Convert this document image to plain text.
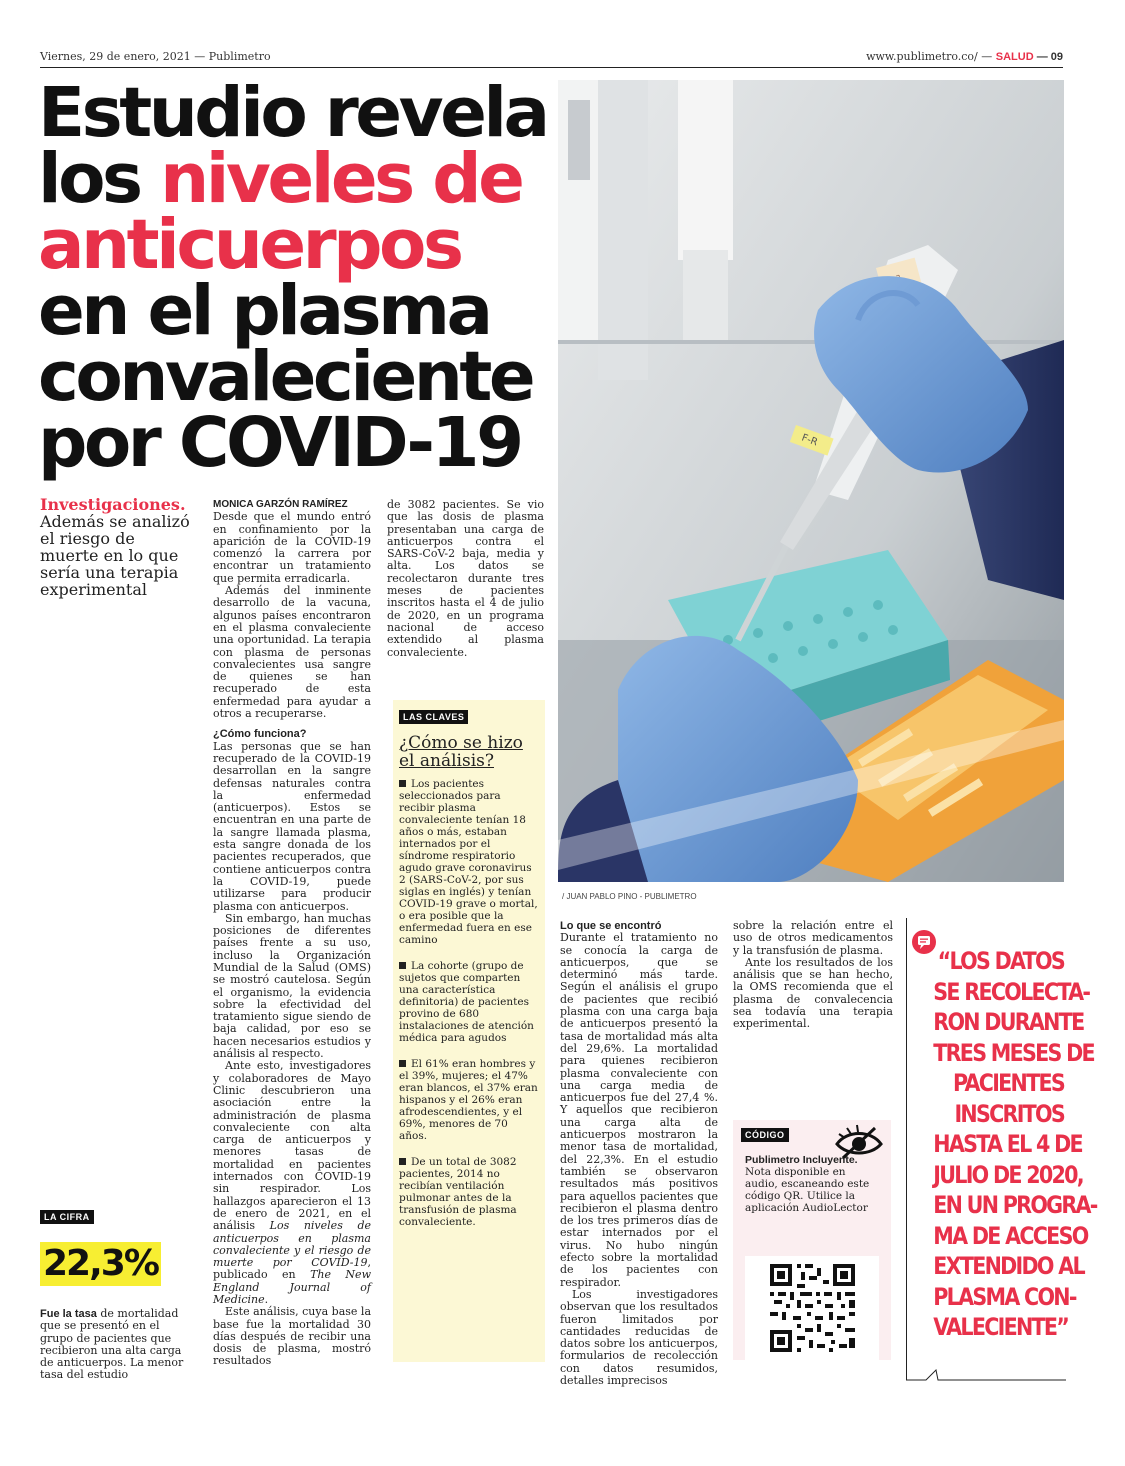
Viernes, 29 de enero, 2021 — Publimetro	www.publimetro.co/ — SALUD — 09
Estudio revela
los niveles de
anticuerpos
en el plasma
convaleciente
por COVID-19	F-R
/ JUAN PABLO PINO - PUBLIMETRO
Investigaciones.
Además se analizó el riesgo de muerte en lo que sería una terapia experimental

MONICA GARZÓN RAMÍREZ

Desde que el mundo entró en confinamiento por la aparición de la COVID-19 comenzó la carrera por encontrar un tratamiento que permita erradicarla.

Además del inminente desarrollo de la vacuna, algunos países encontraron en el plasma convaleciente una oportunidad. La terapia con plasma de personas convalecientes usa sangre de quienes se han recuperado de esta enfermedad para ayudar a otros a recuperarse.

¿Cómo funciona?

Las personas que se han recuperado de la COVID-19 desarrollan en la sangre defensas naturales contra la enfermedad (anticuerpos). Estos se encuentran en una parte de la sangre llamada plasma, esta sangre donada de los pacientes recuperados, que contiene anticuerpos contra la COVID-19, puede utilizarse para producir plasma con anticuerpos.

Sin embargo, han muchas posiciones de diferentes países frente a su uso, incluso la Organización Mundial de la Salud (OMS) se mostró cautelosa. Según el organismo, la evidencia sobre la efectividad del tratamiento sigue siendo de baja calidad, por eso se hacen necesarios estudios y análisis al respecto.

Ante esto, investigadores y colaboradores de Mayo Clinic descubrieron una asociación entre la administración de plasma convaleciente con alta carga de anticuerpos y menores tasas de mortalidad en pacientes internados con COVID-19 sin respirador. Los hallazgos aparecieron el 13 de enero de 2021, en el análisis Los niveles de anticuerpos en plasma convaleciente y el riesgo de muerte por COVID-19, publicado en The New England Journal of Medicine.

Este análisis, cuya base la base fue la mortalidad 30 días después de recibir una dosis de plasma, mostró resultados

de 3082 pacientes. Se vio que las dosis de plasma presentaban una carga de anticuerpos contra el SARS-CoV-2 baja, media y alta. Los datos se recolectaron durante tres meses de pacientes inscritos hasta el 4 de julio de 2020, en un programa nacional de acceso extendido al plasma convaleciente.

LAS CLAVES
¿Cómo se hizo el análisis?
Los pacientes seleccionados para recibir plasma convaleciente tenían 18 años o más, estaban internados por el síndrome respiratorio agudo grave coronavirus 2 (SARS-CoV-2, por sus siglas en inglés) y tenían COVID-19 grave o mortal, o era posible que la enfermedad fuera en ese camino
La cohorte (grupo de sujetos que comparten una característica definitoria) de pacientes provino de 680 instalaciones de atención médica para agudos
El 61% eran hombres y el 39%, mujeres; el 47% eran blancos, el 37% eran hispanos y el 26% eran afrodescendientes, y el 69%, menores de 70 años.
De un total de 3082 pacientes, 2014 no recibían ventilación pulmonar antes de la transfusión de plasma convaleciente.

Lo que se encontró

Durante el tratamiento no se conocía la carga de anticuerpos, que se determinó más tarde. Según el análisis el grupo de pacientes que recibió plasma con una carga baja de anticuerpos presentó la tasa de mortalidad más alta del 29,6%. La mortalidad para quienes recibieron plasma convaleciente con una carga media de anticuerpos fue del 27,4 %. Y aquellos que recibieron una carga alta de anticuerpos mostraron la menor tasa de mortalidad, del 22,3%. En el estudio también se observaron resultados más positivos para aquellos pacientes que recibieron el plasma dentro de los tres primeros días de estar internados por el virus. No hubo ningún efecto sobre la mortalidad de los pacientes con respirador.

Los investigadores observan que los resultados fueron limitados por cantidades reducidas de datos sobre los anticuerpos, formularios de recolección con datos resumidos, detalles imprecisos

sobre la relación entre el uso de otros medicamentos y la transfusión de plasma.

Ante los resultados de los análisis que se han hecho, la OMS recomienda que el plasma de convalecencia sea todavía una terapia experimental.

LA CIFRA
22,3%
Fue la tasa de mortalidad que se presentó en el grupo de pacientes que recibieron una alta carga de anticuerpos. La menor tasa del estudio
CÓDIGO
Publimetro Incluyente. Nota disponible en audio, escaneando este código QR. Utilice la aplicación AudioLector
“LOS DATOS
SE RECOLECTA-
RON DURANTE
TRES MESES DE
PACIENTES
INSCRITOS
HASTA EL 4 DE
JULIO DE 2020,
EN UN PROGRA-
MA DE ACCESO
EXTENDIDO AL
PLASMA CON-
VALECIENTE”
